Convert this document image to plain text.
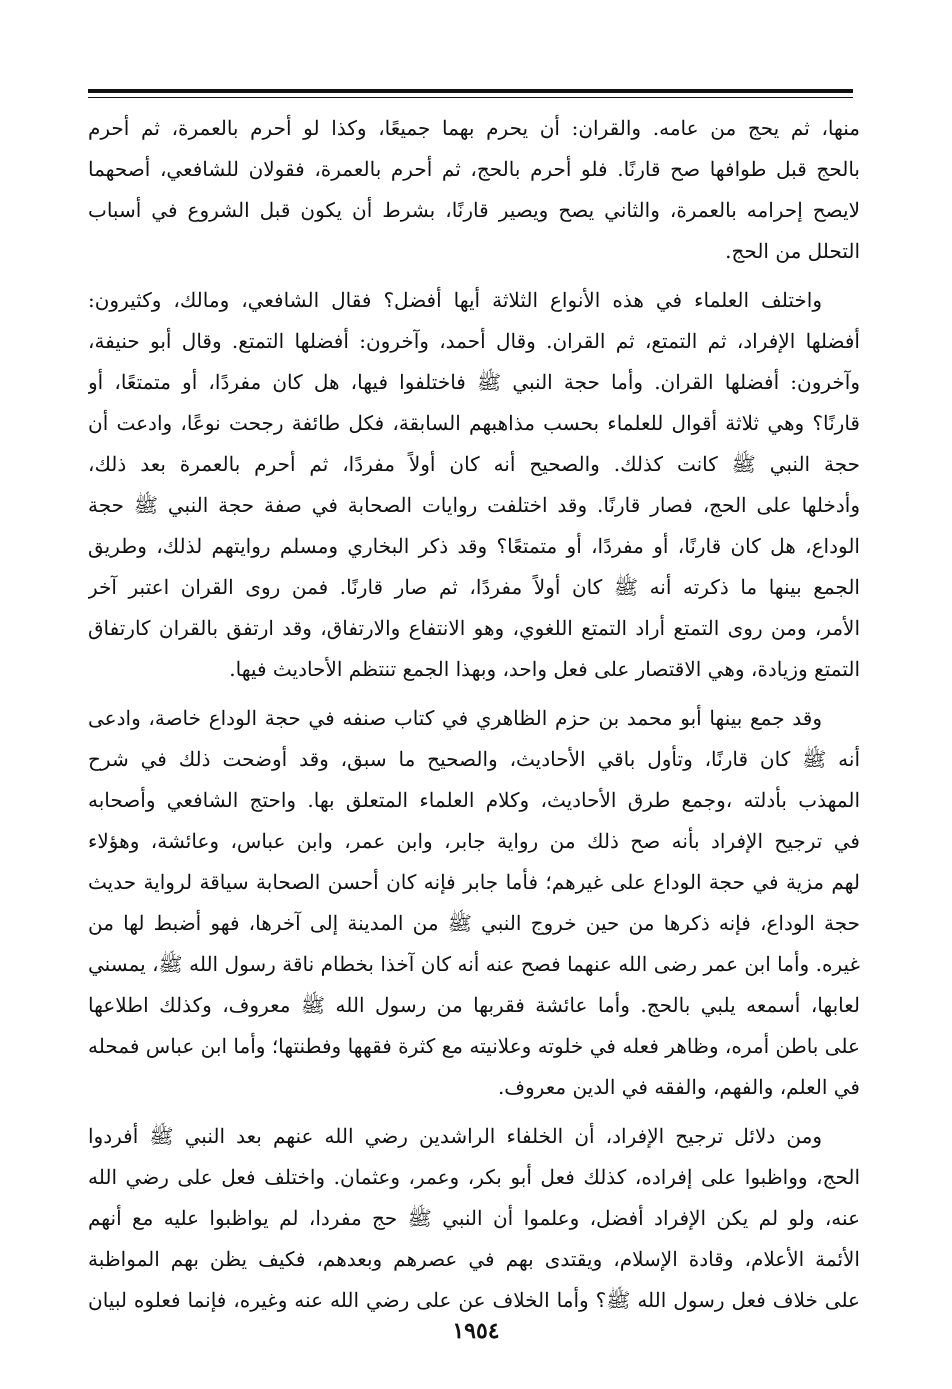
منها، ثم يحج من عامه. والقران: أن يحرم بهما جميعًا، وكذا لو أحرم بالعمرة، ثم أحرم
بالحج قبل طوافها صح قارنًا. فلو أحرم بالحج، ثم أحرم بالعمرة، فقولان للشافعي، أصحهما
لايصح إحرامه بالعمرة، والثاني يصح ويصير قارنًا، بشرط أن يكون قبل الشروع في أسباب
التحلل من الحج.
واختلف العلماء في هذه الأنواع الثلاثة أيها أفضل؟ فقال الشافعي، ومالك، وكثيرون:
أفضلها الإفراد، ثم التمتع، ثم القران. وقال أحمد، وآخرون: أفضلها التمتع. وقال أبو حنيفة،
وآخرون: أفضلها القران. وأما حجة النبي ﷺ فاختلفوا فيها، هل كان مفردًا، أو متمتعًا، أو
قارنًا؟ وهي ثلاثة أقوال للعلماء بحسب مذاهبهم السابقة، فكل طائفة رجحت نوعًا، وادعت أن
حجة النبي ﷺ كانت كذلك. والصحيح أنه كان أولاً مفردًا، ثم أحرم بالعمرة بعد ذلك،
وأدخلها على الحج، فصار قارنًا. وقد اختلفت روايات الصحابة في صفة حجة النبي ﷺ حجة
الوداع، هل كان قارنًا، أو مفردًا، أو متمتعًا؟ وقد ذكر البخاري ومسلم روايتهم لذلك، وطريق
الجمع بينها ما ذكرته أنه ﷺ كان أولاً مفردًا، ثم صار قارنًا. فمن روى القران اعتبر آخر
الأمر، ومن روى التمتع أراد التمتع اللغوي، وهو الانتفاع والارتفاق، وقد ارتفق بالقران كارتفاق
التمتع وزيادة، وهي الاقتصار على فعل واحد، وبهذا الجمع تنتظم الأحاديث فيها.
وقد جمع بينها أبو محمد بن حزم الظاهري في كتاب صنفه في حجة الوداع خاصة، وادعى
أنه ﷺ كان قارنًا، وتأول باقي الأحاديث، والصحيح ما سبق، وقد أوضحت ذلك في شرح
المهذب بأدلته ،وجمع طرق الأحاديث، وكلام العلماء المتعلق بها. واحتج الشافعي وأصحابه
في ترجيح الإفراد بأنه صح ذلك من رواية جابر، وابن عمر، وابن عباس، وعائشة، وهؤلاء
لهم مزية في حجة الوداع على غيرهم؛ فأما جابر فإنه كان أحسن الصحابة سياقة لرواية حديث
حجة الوداع، فإنه ذكرها من حين خروج النبي ﷺ من المدينة إلى آخرها، فهو أضبط لها من
غيره. وأما ابن عمر رضى الله عنهما فصح عنه أنه كان آخذا بخطام ناقة رسول الله ﷺ، يمسني
لعابها، أسمعه يلبي بالحج. وأما عائشة فقربها من رسول الله ﷺ معروف، وكذلك اطلاعها
على باطن أمره، وظاهر فعله في خلوته وعلانيته مع كثرة فقهها وفطنتها؛ وأما ابن عباس فمحله
في العلم، والفهم، والفقه في الدين معروف.
ومن دلائل ترجيح الإفراد، أن الخلفاء الراشدين رضي الله عنهم بعد النبي ﷺ أفردوا
الحج، وواظبوا على إفراده، كذلك فعل أبو بكر، وعمر، وعثمان. واختلف فعل على رضي الله
عنه، ولو لم يكن الإفراد أفضل، وعلموا أن النبي ﷺ حج مفردا، لم يواظبوا عليه مع أنهم
الأئمة الأعلام، وقادة الإسلام، ويقتدى بهم في عصرهم وبعدهم، فكيف يظن بهم المواظبة
على خلاف فعل رسول الله ﷺ؟ وأما الخلاف عن على رضي الله عنه وغيره، فإنما فعلوه لبيان
١٩٥٤
